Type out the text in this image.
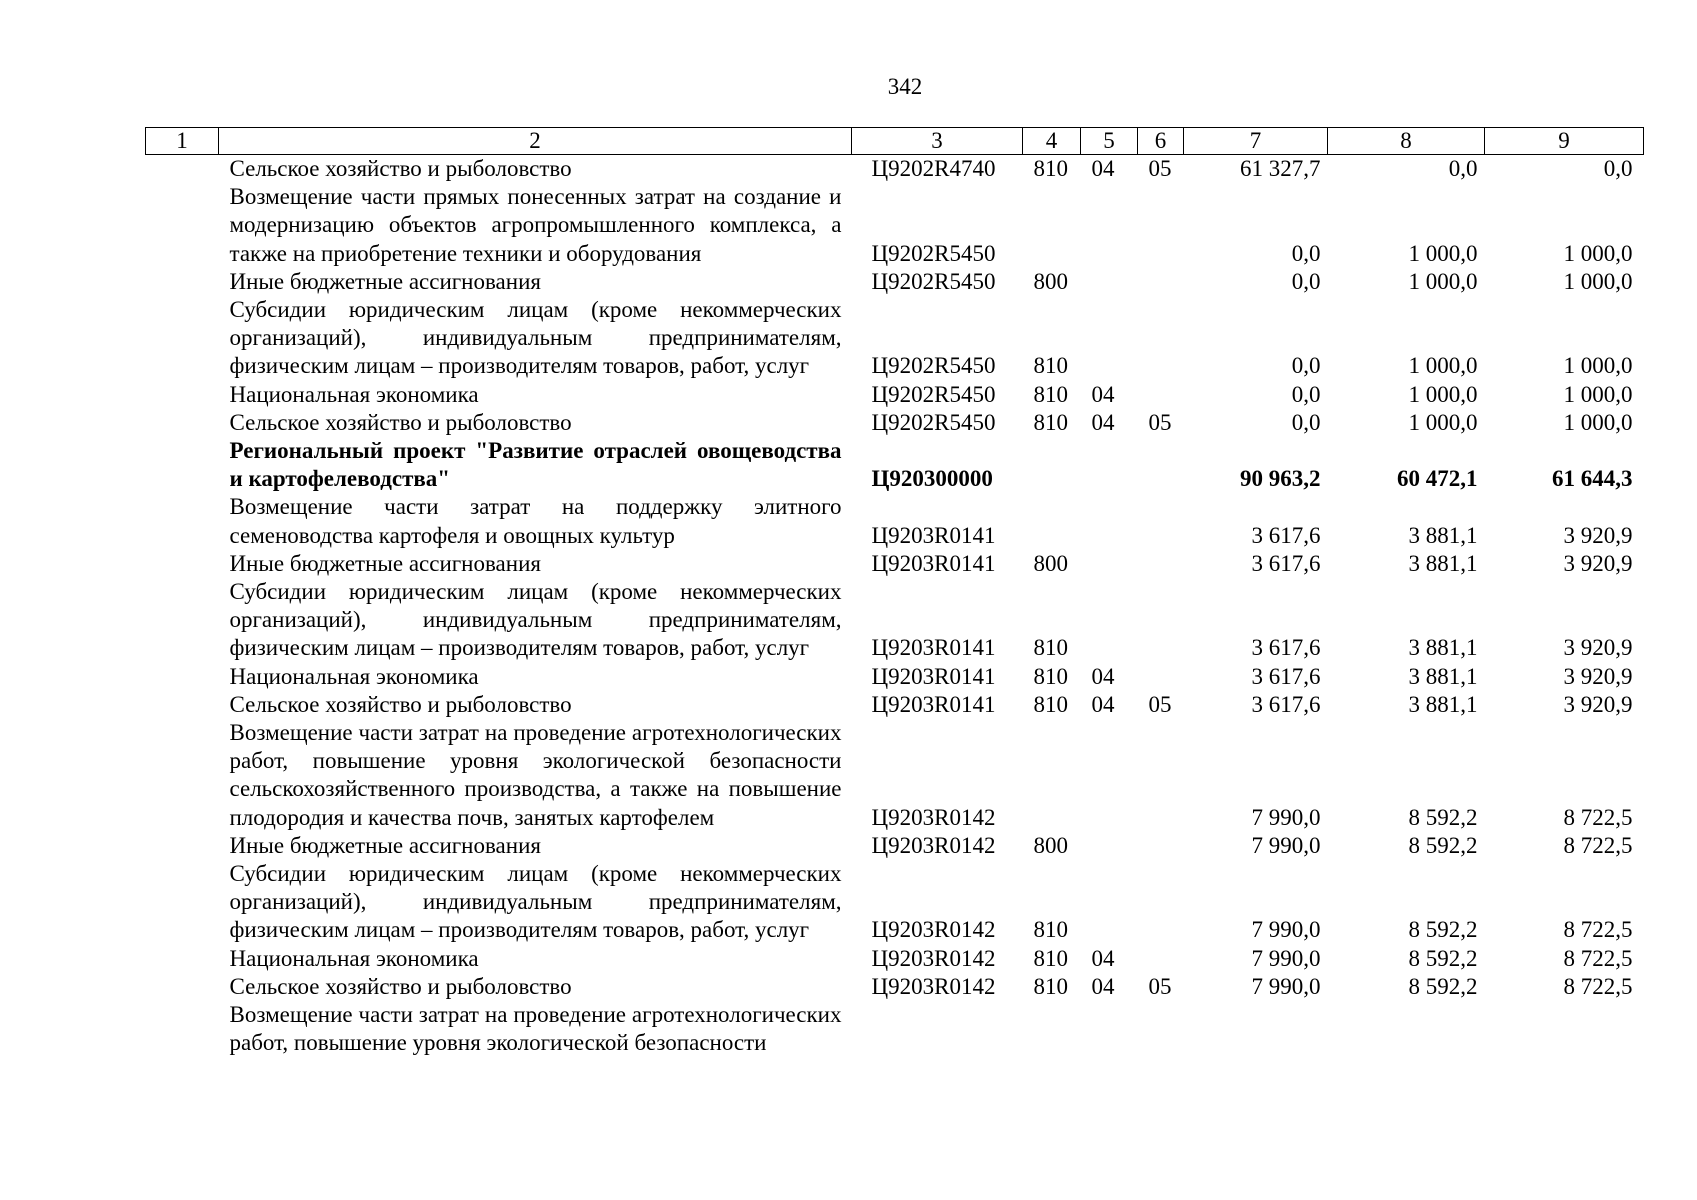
342
1	2	3	4	5	6	7	8	9
	Сельское хозяйство и рыболовство	Ц9202R4740	810	04	05	61 327,7	0,0	0,0
	Возмещение части прямых понесенных затрат на создание и модернизацию объектов агропромышленного комплекса, а также на приобретение техники и оборудования	Ц9202R5450				0,0	1 000,0	1 000,0
	Иные бюджетные ассигнования	Ц9202R5450	800			0,0	1 000,0	1 000,0
	Субсидии юридическим лицам (кроме некоммерческих организаций), индивидуальным предпринимателям, физическим лицам – производителям товаров, работ, услуг	Ц9202R5450	810			0,0	1 000,0	1 000,0
	Национальная экономика	Ц9202R5450	810	04		0,0	1 000,0	1 000,0
	Сельское хозяйство и рыболовство	Ц9202R5450	810	04	05	0,0	1 000,0	1 000,0
	Региональный проект "Развитие отраслей овощеводства и картофелеводства"	Ц920300000				90 963,2	60 472,1	61 644,3
	Возмещение части затрат на поддержку элитного семеноводства картофеля и овощных культур	Ц9203R0141				3 617,6	3 881,1	3 920,9
	Иные бюджетные ассигнования	Ц9203R0141	800			3 617,6	3 881,1	3 920,9
	Субсидии юридическим лицам (кроме некоммерческих организаций), индивидуальным предпринимателям, физическим лицам – производителям товаров, работ, услуг	Ц9203R0141	810			3 617,6	3 881,1	3 920,9
	Национальная экономика	Ц9203R0141	810	04		3 617,6	3 881,1	3 920,9
	Сельское хозяйство и рыболовство	Ц9203R0141	810	04	05	3 617,6	3 881,1	3 920,9
	Возмещение части затрат на проведение агротехнологических работ, повышение уровня экологической безопасности сельскохозяйственного производства, а также на повышение плодородия и качества почв, занятых картофелем	Ц9203R0142				7 990,0	8 592,2	8 722,5
	Иные бюджетные ассигнования	Ц9203R0142	800			7 990,0	8 592,2	8 722,5
	Субсидии юридическим лицам (кроме некоммерческих организаций), индивидуальным предпринимателям, физическим лицам – производителям товаров, работ, услуг	Ц9203R0142	810			7 990,0	8 592,2	8 722,5
	Национальная экономика	Ц9203R0142	810	04		7 990,0	8 592,2	8 722,5
	Сельское хозяйство и рыболовство	Ц9203R0142	810	04	05	7 990,0	8 592,2	8 722,5
	Возмещение части затрат на проведение агротехнологических работ, повышение уровня экологической безопасности							
